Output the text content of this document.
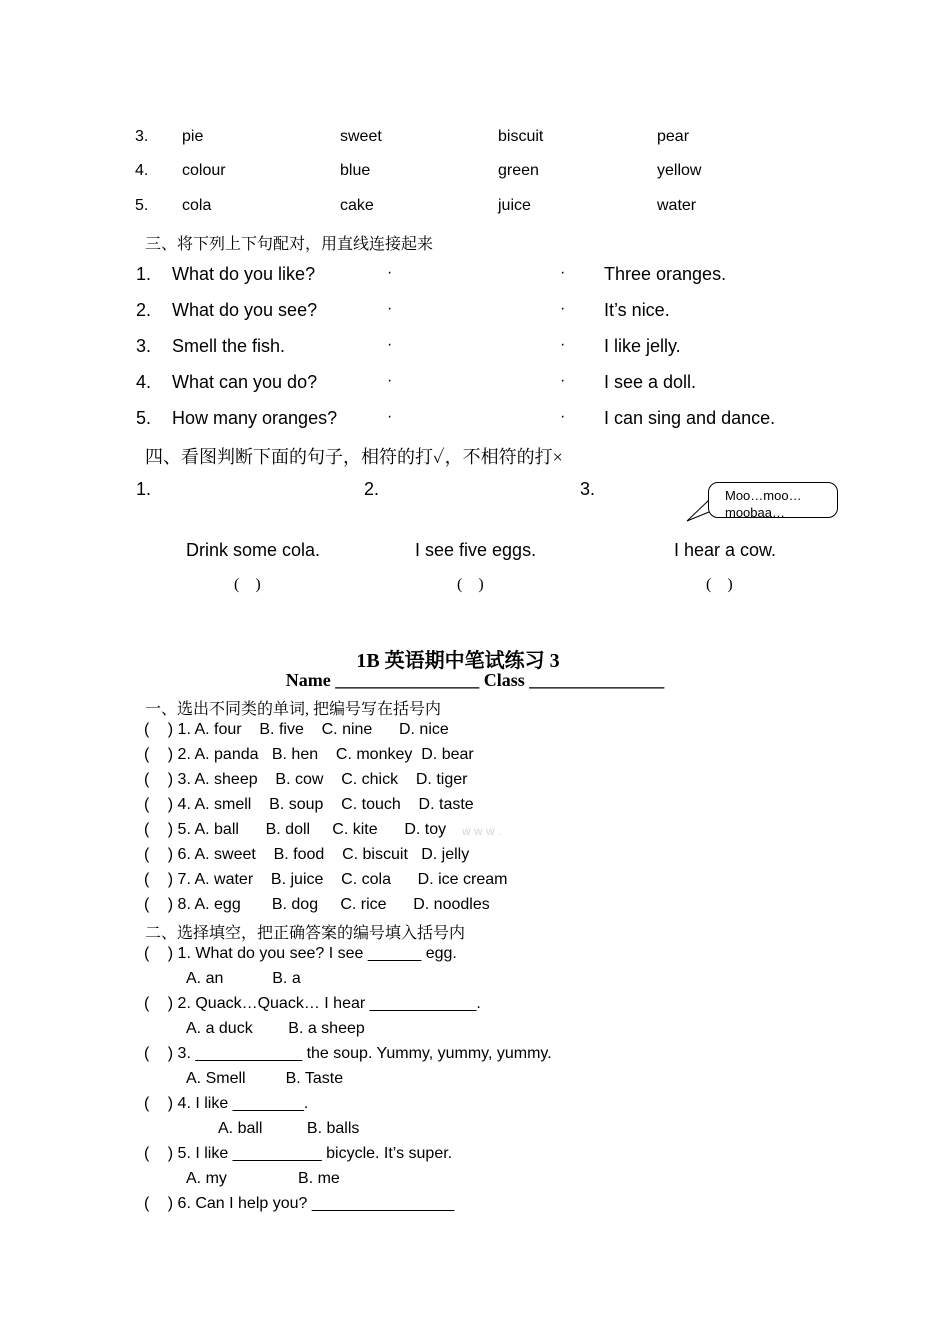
3. pie	sweet	biscuit	pear
4. colour	blue	green	yellow
5. cola	cake	juice	water
三、将下列上下句配对，用直线连接起来
1. What do you like?	·	· Three oranges.
2. What do you see?	·	· It’s nice.
3. Smell the fish.	·	· I like jelly.
4. What can you do?	·	· I see a doll.
5. How many oranges?	·	· I can sing and dance.
四、看图判断下面的句子，相符的打✓，不相符的打×
1.	2.	3.	Moo…moo…
moobaa…
Drink some cola.	I see five eggs.	I hear a cow.
(    )	(    )	(    )
1B 英语期中笔试练习 3
Name ________________ Class _______________
一、选出不同类的单词, 把编号写在括号内
( ) 1. A. four    B. five    C. nine      D. nice
( ) 2. A. panda   B. hen    C. monkey  D. bear
( ) 3. A. sheep    B. cow    C. chick    D. tiger
( ) 4. A. smell    B. soup    C. touch    D. taste
( ) 5. A. ball      B. doll     C. kite      D. toy w w w .
( ) 6. A. sweet    B. food    C. biscuit   D. jelly
( ) 7. A. water    B. juice    C. cola      D. ice cream
( ) 8. A. egg       B. dog     C. rice      D. noodles
二、选择填空，把正确答案的编号填入括号内
( ) 1. What do you see? I see ______ egg.
A. an           B. a
( ) 2. Quack…Quack… I hear ____________.
A. a duck        B. a sheep
( ) 3. ____________ the soup. Yummy, yummy, yummy.
A. Smell         B. Taste
( ) 4. I like ________.
A. ball          B. balls
( ) 5. I like __________ bicycle. It’s super.
A. my                B. me
( ) 6. Can I help you? ________________
